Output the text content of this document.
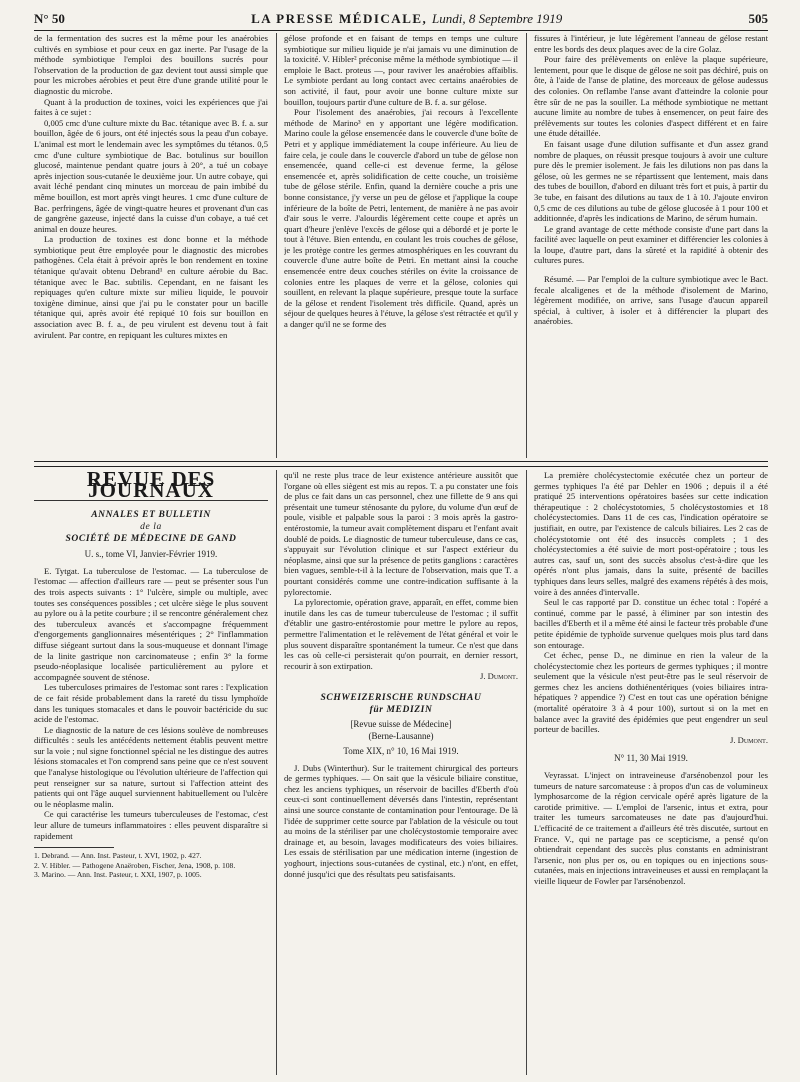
N° 50	LA PRESSE MÉDICALE, Lundi, 8 Septembre 1919	505

de la fermentation des sucres est la même pour les anaérobies cultivés en symbiose et pour ceux en gaz inerte. Par l'usage de la méthode symbiotique l'emploi des bouillons sucrés pour l'observation de la production de gaz devient tout aussi simple que pour les microbes aérobies et peut être d'une grande utilité pour le diagnostic du microbe.

Quant à la production de toxines, voici les expériences que j'ai faites à ce sujet :

0,005 cmc d'une culture mixte du Bac. tétanique avec B. f. a. sur bouillon, âgée de 6 jours, ont été injectés sous la peau d'un cobaye. L'animal est mort le lendemain avec les symptômes du tétanos. 0,5 cmc d'une culture symbiotique de Bac. botulinus sur bouillon glucosé, maintenue pendant quatre jours à 20°, a tué un cobaye après injection sous-cutanée le deuxième jour. Un autre cobaye, qui avait léché pendant cinq minutes un morceau de pain imbibé du même bouillon, est mort après vingt heures. 1 cmc d'une culture de Bac. perfringens, âgée de vingt-quatre heures et provenant d'un cas de gangrène gazeuse, injecté dans la cuisse d'un cobaye, a tué cet animal en douze heures.

La production de toxines est donc bonne et la méthode symbiotique peut être employée pour le diagnostic des microbes pathogènes. Cela était à prévoir après le bon rendement en toxine tétanique qu'avait obtenu Debrand¹ en culture aérobie du Bac. tétanique avec le Bac. subtilis. Cependant, en ne faisant les repiquages qu'en culture mixte sur milieu liquide, le pouvoir toxigène diminue, ainsi que j'ai pu le constater pour un bacille tétanique qui, après avoir été repiqué 10 fois sur bouillon en association avec B. f. a., de peu virulent est devenu tout à fait avirulent. Par contre, en repiquant les cultures mixtes en

gélose profonde et en faisant de temps en temps une culture symbiotique sur milieu liquide je n'ai jamais vu une diminution de la toxicité. V. Hibler² préconise même la méthode symbiotique — il emploie le Bact. proteus —, pour raviver les anaérobies affaiblis. Le symbiote perdant au long contact avec certains anaérobies de son activité, il faut, pour avoir une bonne culture mixte sur bouillon, toujours partir d'une culture de B. f. a. sur gélose.

Pour l'isolement des anaérobies, j'ai recours à l'excellente méthode de Marino³ en y apportant une légère modification. Marino coule la gélose ensemencée dans le couvercle d'une boîte de Petri et y applique immédiatement la coupe inférieure. Au lieu de faire cela, je coule dans le couvercle d'abord un tube de gélose non ensemencée, quand celle-ci est devenue ferme, la gélose ensemencée et, après solidification de cette couche, un troisième tube de gélose stérile. Enfin, quand la dernière couche a pris une bonne consistance, j'y verse un peu de gélose et j'applique la coupe inférieure de la boîte de Petri, lentement, de manière à ne pas avoir d'air sous le verre. J'alourdis légèrement cette coupe et après un quart d'heure j'enlève l'excès de gélose qui a débordé et je porte le tout à l'étuve. Bien entendu, en coulant les trois couches de gélose, je les protège contre les germes atmosphériques en les couvrant du couvercle d'une autre boîte de Petri. En mettant ainsi la couche ensemencée entre deux couches stériles on évite la croissance de colonies entre les plaques de verre et la gélose, colonies qui souillent, en relevant la plaque supérieure, presque toute la surface de la gélose et rendent l'isolement très difficile. Quand, après un séjour de quelques heures à l'étuve, la gélose s'est rétractée et qu'il y a danger qu'il ne se forme des

fissures à l'intérieur, je lute légèrement l'anneau de gélose restant entre les bords des deux plaques avec de la cire Golaz.

Pour faire des prélèvements on enlève la plaque supérieure, lentement, pour que le disque de gélose ne soit pas déchiré, puis on ôte, à l'aide de l'anse de platine, des morceaux de gélose audessus des colonies. On reflambe l'anse avant d'atteindre la colonie pour être sûr de ne pas la souiller. La méthode symbiotique ne mettant aucune limite au nombre de tubes à ensemencer, on peut faire des prélèvements sur toutes les colonies d'aspect différent et en faire une étude détaillée.

En faisant usage d'une dilution suffisante et d'un assez grand nombre de plaques, on réussit presque toujours à avoir une culture pure dès le premier isolement. Je fais les dilutions non pas dans la gélose, où les germes ne se répartissent que lentement, mais dans des tubes de bouillon, d'abord en diluant très fort et puis, à partir du 3e tube, en faisant des dilutions au taux de 1 à 10. J'ajoute environ 0,5 cmc de ces dilutions au tube de gélose glucosée à 1 pour 100 et additionnée, d'après les indications de Marino, de sérum humain.

Le grand avantage de cette méthode consiste d'une part dans la facilité avec laquelle on peut examiner et différencier les colonies à la loupe, d'autre part, dans la sûreté et la rapidité à obtenir des cultures pures.

Résumé. — Par l'emploi de la culture symbiotique avec le Bact. fecale alcaligenes et de la méthode d'isolement de Marino, légèrement modifiée, on arrive, sans l'usage d'aucun appareil spécial, à cultiver, à isoler et à différencier la plupart des anaérobies.

REVUE DES JOURNAUX
ANNALES ET BULLETIN
de la
SOCIÉTÉ DE MÉDECINE DE GAND
U. s., tome VI, Janvier-Février 1919.

E. Tytgat. La tuberculose de l'estomac. — La tuberculose de l'estomac — affection d'ailleurs rare — peut se présenter sous l'un des trois aspects suivants : 1° l'ulcère, simple ou multiple, avec toutes ses conséquences possibles ; cet ulcère siège le plus souvent au pylore ou à la petite courbure ; il se rencontre généralement chez des tuberculeux avancés et s'accompagne fréquemment d'engorgements ganglionnaires mésentériques ; 2° l'inflammation diffuse siégeant surtout dans la sous-muqueuse et donnant l'image de la linite gastrique non carcinomateuse ; enfin 3° la forme pseudo-néoplasique localisée particulièrement au pylore et accompagnée souvent de sténose.

Les tuberculoses primaires de l'estomac sont rares : l'explication de ce fait réside probablement dans la rareté du tissu lymphoïde dans les tuniques stomacales et dans le pouvoir bactéricide du suc acide de l'estomac.

Le diagnostic de la nature de ces lésions soulève de nombreuses difficultés : seuls les antécédents nettement établis peuvent mettre sur la voie ; nul signe fonctionnel spécial ne les distingue des autres lésions stomacales et l'on comprend sans peine que ce n'est souvent que l'analyse histologique ou l'évolution ultérieure de l'affection qui peut renseigner sur sa nature, surtout si l'affection atteint des patients qui ont l'âge auquel surviennent habituellement ou l'ulcère ou le néoplasme malin.

Ce qui caractérise les tumeurs tuberculeuses de l'estomac, c'est leur allure de tumeurs inflammatoires : elles peuvent disparaître si rapidement

1. Debrand. — Ann. Inst. Pasteur, t. XVI, 1902, p. 427.
2. V. Hibler. — Pathogene Anaëroben, Fischer, Jena, 1908, p. 108.
3. Marino. — Ann. Inst. Pasteur, t. XXI, 1907, p. 1005.

qu'il ne reste plus trace de leur existence antérieure aussitôt que l'organe où elles siègent est mis au repos. T. a pu constater une fois de plus ce fait dans un cas personnel, chez une fillette de 9 ans qui présentait une tumeur sténosante du pylore, du volume d'un œuf de poule, visible et palpable sous la paroi : 3 mois après la gastro-entérostomie, la tumeur avait complètement disparu et l'enfant avait doublé de poids. Le diagnostic de tumeur tuberculeuse, dans ce cas, s'appuyait sur l'évolution clinique et sur l'aspect extérieur du néoplasme, ainsi que sur la présence de petits ganglions : caractères bien vagues, semble-t-il à la lecture de l'observation, mais que T. a pourtant considérés comme une contre-indication suffisante à la pylorectomie.

La pylorectomie, opération grave, apparaît, en effet, comme bien inutile dans les cas de tumeur tuberculeuse de l'estomac ; il suffit d'établir une gastro-entérostomie pour mettre le pylore au repos, permettre l'alimentation et le relèvement de l'état général et voir le plus souvent disparaître spontanément la tumeur. Ce n'est que dans les cas où celle-ci persisterait qu'on pourrait, en dernier ressort, recourir à son extirpation.

J. Dumont.
SCHWEIZERISCHE RUNDSCHAU
für MEDIZIN
[Revue suisse de Médecine]
(Berne-Lausanne)
Tome XIX, n° 10, 16 Mai 1919.

J. Dubs (Winterthur). Sur le traitement chirurgical des porteurs de germes typhiques. — On sait que la vésicule biliaire constitue, chez les anciens typhiques, un réservoir de bacilles d'Eberth d'où ceux-ci sont continuellement déversés dans l'intestin, représentant ainsi une source constante de contamination pour l'entourage. De là l'idée de supprimer cette source par l'ablation de la vésicule ou tout au moins de la stériliser par une cholécystostomie temporaire avec drainage et, au besoin, lavages modificateurs des voies biliaires. Les essais de stérilisation par une médication interne (ingestion de yoghourt, injections sous-cutanées de cystinal, etc.) n'ont, en effet, donné jusqu'ici que des résultats peu satisfaisants.

La première cholécystectomie exécutée chez un porteur de germes typhiques l'a été par Dehler en 1906 ; depuis il a été pratiqué 25 interventions opératoires basées sur cette indication thérapeutique : 2 cholécystotomies, 5 cholécystostomies et 18 cholécystectomies. Dans 11 de ces cas, l'indication opératoire se justifiait, en outre, par l'existence de calculs biliaires. Les 2 cas de cholécystotomie ont été des insuccès complets ; 1 des cholécystectomies a été suivie de mort post-opératoire ; tous les autres cas, sauf un, sont des succès absolus c'est-à-dire que les opérés n'ont plus jamais, dans la suite, présenté de bacilles typhiques dans leurs selles, malgré des examens répétés à des mois, voire à des années d'intervalle.

Seul le cas rapporté par D. constitue un échec total : l'opéré a continué, comme par le passé, à éliminer par son intestin des bacilles d'Eberth et il a même été ainsi le facteur très probable d'une petite épidémie de typhoïde survenue quelques mois plus tard dans son entourage.

Cet échec, pense D., ne diminue en rien la valeur de la cholécystectomie chez les porteurs de germes typhiques ; il montre seulement que la vésicule n'est peut-être pas le seul réservoir de germes chez les anciens dothiénentériques (voies biliaires intra-hépatiques ? appendice ?) C'est en tout cas une opération bénigne (mortalité opératoire 3 à 4 pour 100), surtout si on la met en balance avec la gravité des épidémies que peut engendrer un seul porteur de bacilles.

J. Dumont.
N° 11, 30 Mai 1919.

Veyrassat. L'inject on intraveineuse d'arsénobenzol pour les tumeurs de nature sarcomateuse : à propos d'un cas de volumineux lymphosarcome de la région cervicale opéré après ligature de la carotide primitive. — L'emploi de l'arsenic, intus et extra, pour traiter les tumeurs sarcomateuses ne date pas d'aujourd'hui. L'efficacité de ce traitement a d'ailleurs été très discutée, surtout en France. V., qui ne partage pas ce scepticisme, a pensé qu'on obtiendrait cependant des succès plus constants en administrant l'arsenic, non plus per os, ou en topiques ou en injections sous-cutanées, mais en injections intraveineuses et aussi en remplaçant la vieille liqueur de Fowler par l'arsénobenzol.
